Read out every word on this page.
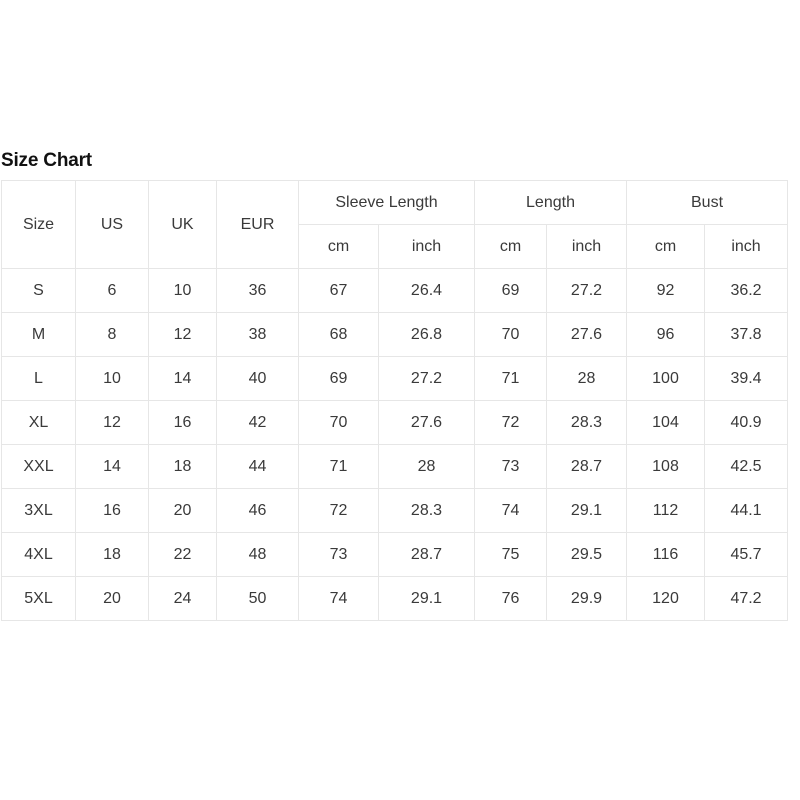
Size Chart
Size	US	UK	EUR	Sleeve Length		Length		Bust	
				cm	inch	cm	inch	cm	inch
S	6	10	36	67	26.4	69	27.2	92	36.2
M	8	12	38	68	26.8	70	27.6	96	37.8
L	10	14	40	69	27.2	71	28	100	39.4
XL	12	16	42	70	27.6	72	28.3	104	40.9
XXL	14	18	44	71	28	73	28.7	108	42.5
3XL	16	20	46	72	28.3	74	29.1	112	44.1
4XL	18	22	48	73	28.7	75	29.5	116	45.7
5XL	20	24	50	74	29.1	76	29.9	120	47.2
